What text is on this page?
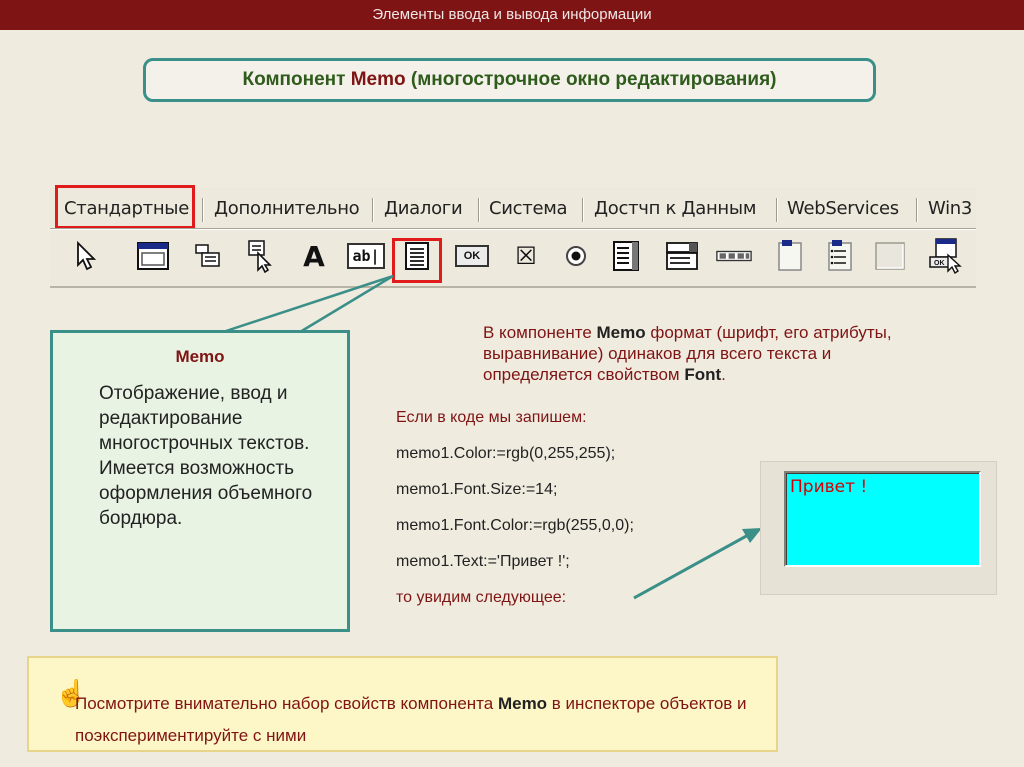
Элементы ввода и вывода информации
Компонент Memo (многострочное окно редактирования)
Стандартные Дополнительно Диалоги Система Достчп к Данным WebServices Win3
A	ab|	OK	☒	OK
Memo
Отображение, ввод и редактирование многострочных текстов. Имеется возможность оформления объемного бордюра.
В компоненте Memo формат (шрифт, его атрибуты, выравнивание) одинаков для всего текста и определяется свойством Font.
Если в коде мы запишем:
memo1.Color:=rgb(0,255,255);
memo1.Font.Size:=14;
memo1.Font.Color:=rgb(255,0,0);
memo1.Text:='Привет !';
то увидим следующее:
Привет !
☝
Посмотрите внимательно набор свойств компонента Memo в инспекторе объектов и поэкспериментируйте с ними
